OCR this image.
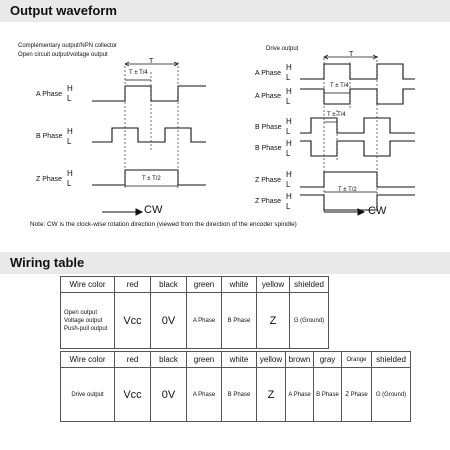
Output waveform
Complementary output/NPN collector
Open circuit output/voltage output
Drive output
A Phase
H
L
B Phase
H
L
Z Phase
H
L
A Phase
H
L
A Phase
H
L
B Phase
H
L
B Phase
H
L
Z Phase
H
L
Z Phase
H
L
T
T ± T/4
T ± T/2
T
T ± T/4
T ± T/4
T ± T/2
CW	CW
Note: CW is the clock-wise rotation direction (viewed from the direction of the encoder spindle)
Wiring table
Wire color	red	black	green	white	yellow	shielded

Open output
Voltage output
Push-pull output	Vcc	0V	A Phase	B Phase	Z	G (Ground)
Wire color	red	black	green	white	yellow	brown	gray	Orange	shielded
Drive output	Vcc	0V	A Phase	B Phase	Z	A Phase	B Phase	Z Phase	G (Ground)
